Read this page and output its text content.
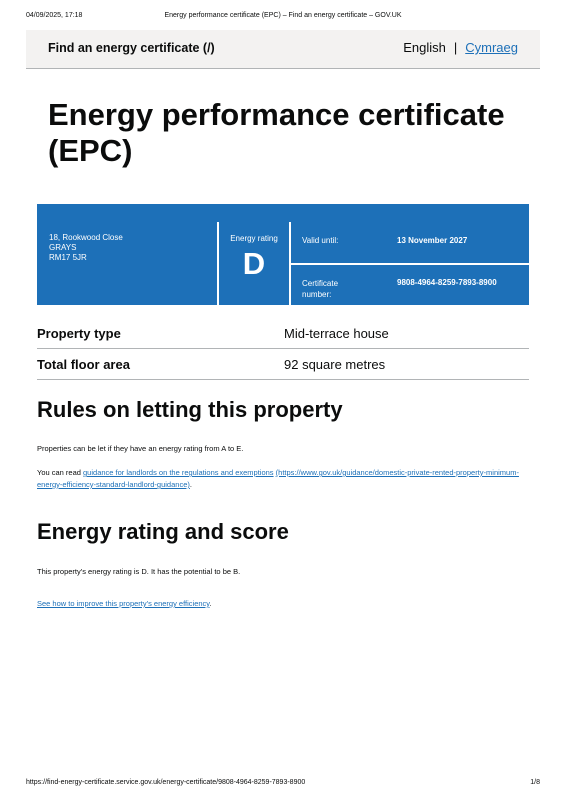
04/09/2025, 17:18	Energy performance certificate (EPC) – Find an energy certificate – GOV.UK
Find an energy certificate (/)	English | Cymraeg
Energy performance certificate (EPC)
18, Rookwood Close
GRAYS
RM17 5JR
Energy rating
D
Valid until:	13 November 2027
Certificate number:
9808-4964-8259-7893-8900
Property type	Mid-terrace house
Total floor area	92 square metres
Rules on letting this property

Properties can be let if they have an energy rating from A to E.

You can read guidance for landlords on the regulations and exemptions (https://www.gov.uk/guidance/domestic-private-rented-property-minimum-energy-efficiency-standard-landlord-guidance).

Energy rating and score

This property's energy rating is D. It has the potential to be B.

See how to improve this property's energy efficiency.

https://find-energy-certificate.service.gov.uk/energy-certificate/9808-4964-8259-7893-8900	1/8
